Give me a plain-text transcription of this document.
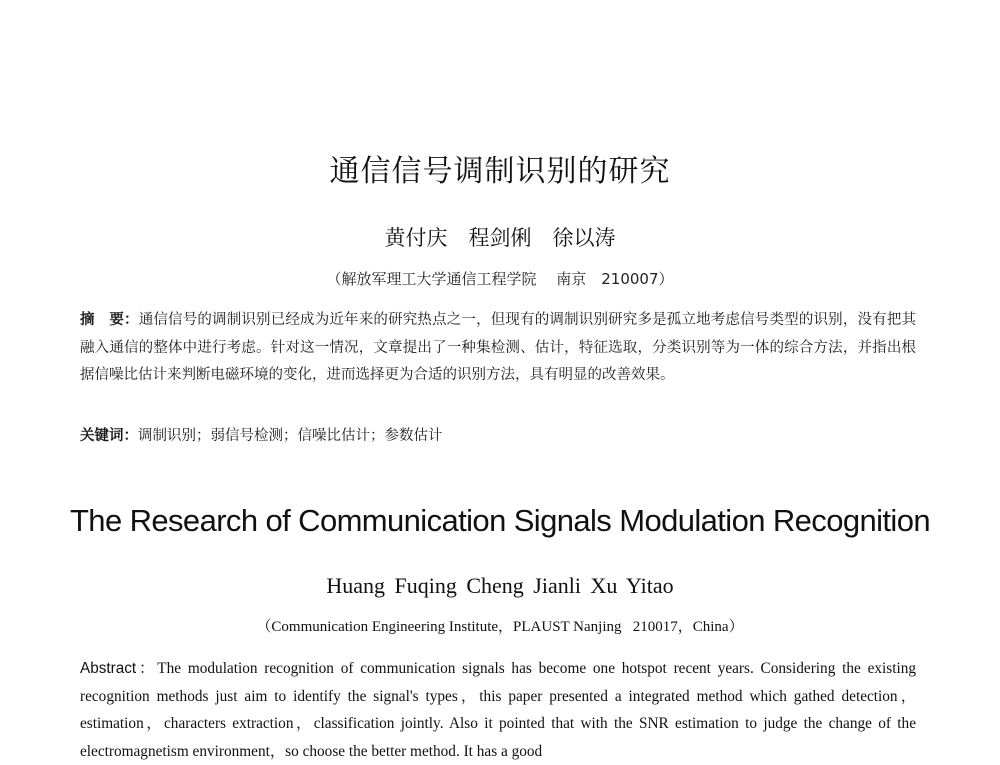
通信信号调制识别的研究
黄付庆　程剑俐　徐以涛
（解放军理工大学通信工程学院　 南京　210007）
摘　要：通信信号的调制识别已经成为近年来的研究热点之一，但现有的调制识别研究多是孤立地考虑信号类型的识别，没有把其融入通信的整体中进行考虑。针对这一情况，文章提出了一种集检测、估计，特征选取，分类识别等为一体的综合方法，并指出根据信噪比估计来判断电磁环境的变化，进而选择更为合适的识别方法，具有明显的改善效果。
关键词：调制识别；弱信号检测；信噪比估计；参数估计
The Research of Communication Signals Modulation Recognition
Huang Fuqing Cheng Jianli Xu Yitao
（Communication Engineering Institute，PLAUST Nanjing   210017，China）
Abstract：The modulation recognition of communication signals has become one hotspot recent years. Considering the existing recognition methods just aim to identify the signal's types，this paper presented a integrated method which gathed detection，estimation，characters extraction，classification jointly. Also it pointed that with the SNR estimation to judge the change of the electromagnetism environment，so choose the better method. It has a good
